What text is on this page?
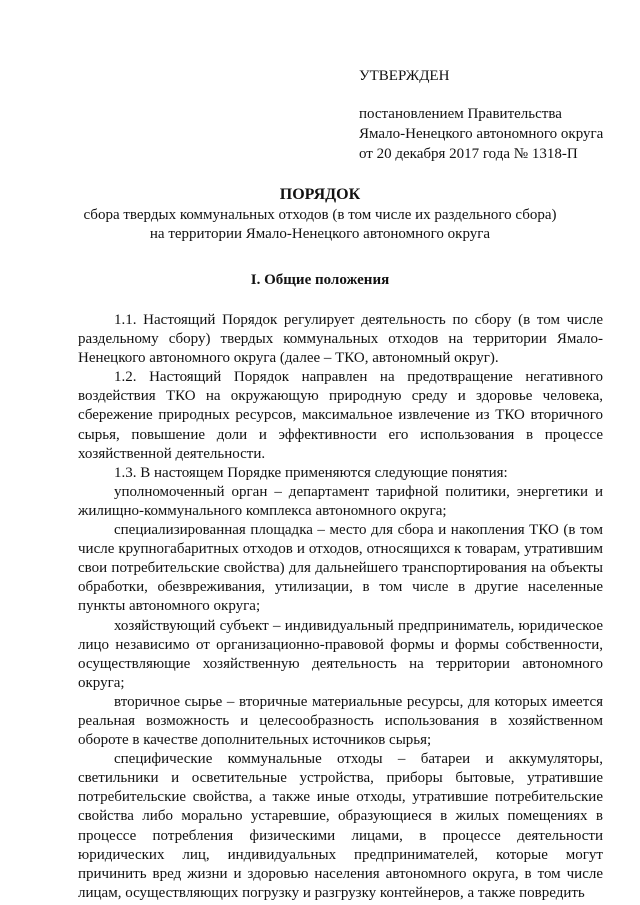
УТВЕРЖДЕН
постановлением Правительства
Ямало-Ненецкого автономного округа
от 20 декабря 2017 года № 1318-П
ПОРЯДОК
сбора твердых коммунальных отходов (в том числе их раздельного сбора)
на территории Ямало-Ненецкого автономного округа
I. Общие положения

1.1. Настоящий Порядок регулирует деятельность по сбору (в том числе раздельному сбору) твердых коммунальных отходов на территории Ямало-Ненецкого автономного округа (далее – ТКО, автономный округ).

1.2. Настоящий Порядок направлен на предотвращение негативного воздействия ТКО на окружающую природную среду и здоровье человека, сбережение природных ресурсов, максимальное извлечение из ТКО вторичного сырья, повышение доли и эффективности его использования в процессе хозяйственной деятельности.

1.3. В настоящем Порядке применяются следующие понятия:

уполномоченный орган – департамент тарифной политики, энергетики и жилищно-коммунального комплекса автономного округа;

специализированная площадка – место для сбора и накопления ТКО (в том числе крупногабаритных отходов и отходов, относящихся к товарам, утратившим свои потребительские свойства) для дальнейшего транспортирования на объекты обработки, обезвреживания, утилизации, в том числе в другие населенные пункты автономного округа;

хозяйствующий субъект – индивидуальный предприниматель, юридическое лицо независимо от организационно-правовой формы и формы собственности, осуществляющие хозяйственную деятельность на территории автономного округа;

вторичное сырье – вторичные материальные ресурсы, для которых имеется реальная возможность и целесообразность использования в хозяйственном обороте в качестве дополнительных источников сырья;

специфические коммунальные отходы – батареи и аккумуляторы, светильники и осветительные устройства, приборы бытовые, утратившие потребительские свойства, а также иные отходы, утратившие потребительские свойства либо морально устаревшие, образующиеся в жилых помещениях в процессе потребления физическими лицами, в процессе деятельности юридических лиц, индивидуальных предпринимателей, которые могут причинить вред жизни и здоровью населения автономного округа, в том числе лицам, осуществляющих погрузку и разгрузку контейнеров, а также повредить
